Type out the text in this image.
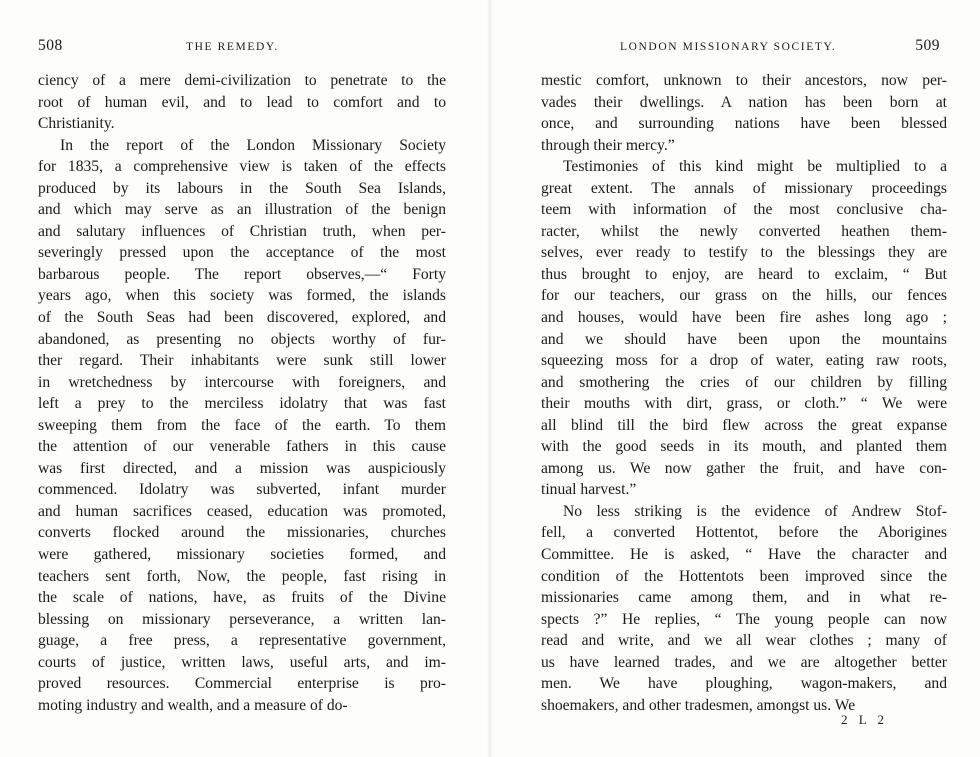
508	THE REMEDY.
ciency of a mere demi-civilization to penetrate to the
root of human evil, and to lead to comfort and to
Christianity.
In the report of the London Missionary Society
for 1835, a comprehensive view is taken of the effects
produced by its labours in the South Sea Islands,
and which may serve as an illustration of the benign
and salutary influences of Christian truth, when per-
severingly pressed upon the acceptance of the most
barbarous people. The report observes,—“ Forty
years ago, when this society was formed, the islands
of the South Seas had been discovered, explored, and
abandoned, as presenting no objects worthy of fur-
ther regard. Their inhabitants were sunk still lower
in wretchedness by intercourse with foreigners, and
left a prey to the merciless idolatry that was fast
sweeping them from the face of the earth. To them
the attention of our venerable fathers in this cause
was first directed, and a mission was auspiciously
commenced. Idolatry was subverted, infant murder
and human sacrifices ceased, education was promoted,
converts flocked around the missionaries, churches
were gathered, missionary societies formed, and
teachers sent forth, Now, the people, fast rising in
the scale of nations, have, as fruits of the Divine
blessing on missionary perseverance, a written lan-
guage, a free press, a representative government,
courts of justice, written laws, useful arts, and im-
proved resources. Commercial enterprise is pro-
moting industry and wealth, and a measure of do-
LONDON MISSIONARY SOCIETY.	509
mestic comfort, unknown to their ancestors, now per-
vades their dwellings. A nation has been born at
once, and surrounding nations have been blessed
through their mercy.”
Testimonies of this kind might be multiplied to a
great extent. The annals of missionary proceedings
teem with information of the most conclusive cha-
racter, whilst the newly converted heathen them-
selves, ever ready to testify to the blessings they are
thus brought to enjoy, are heard to exclaim, “ But
for our teachers, our grass on the hills, our fences
and houses, would have been fire ashes long ago ;
and we should have been upon the mountains
squeezing moss for a drop of water, eating raw roots,
and smothering the cries of our children by filling
their mouths with dirt, grass, or cloth.” “ We were
all blind till the bird flew across the great expanse
with the good seeds in its mouth, and planted them
among us. We now gather the fruit, and have con-
tinual harvest.”
No less striking is the evidence of Andrew Stof-
fell, a converted Hottentot, before the Aborigines
Committee. He is asked, “ Have the character and
condition of the Hottentots been improved since the
missionaries came among them, and in what re-
spects ?” He replies, “ The young people can now
read and write, and we all wear clothes ; many of
us have learned trades, and we are altogether better
men. We have ploughing, wagon-makers, and
shoemakers, and other tradesmen, amongst us. We
2 L 2
